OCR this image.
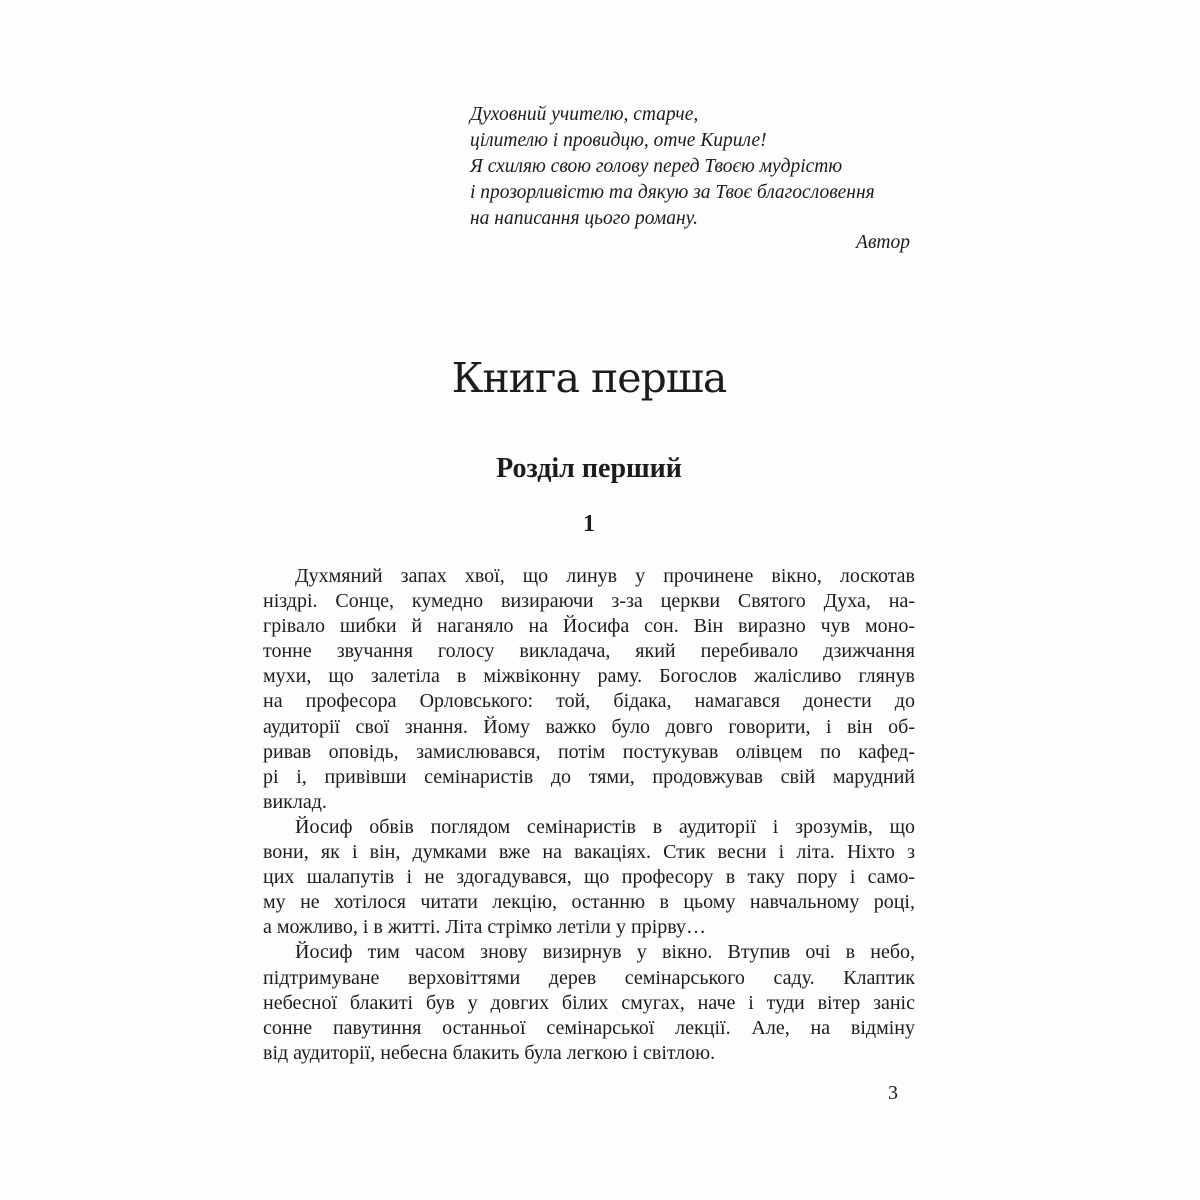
Духовний учителю, старче,
цілителю і провидцю, отче Кириле!
Я схиляю свою голову перед Твоєю мудрістю
і прозорливістю та дякую за Твоє благословення
на написання цього роману.
Автор
Книга перша
Розділ перший
1
Духмяний запах хвої, що линув у прочинене вікно, лоскотав
ніздрі. Сонце, кумедно визираючи з-за церкви Святого Духа, на-
грівало шибки й наганяло на Йосифа сон. Він виразно чув моно-
тонне звучання голосу викладача, який перебивало дзижчання
мухи, що залетіла в міжвіконну раму. Богослов жалісливо глянув
на професора Орловського: той, бідака, намагався донести до
аудиторії свої знання. Йому важко було довго говорити, і він об-
ривав оповідь, замислювався, потім постукував олівцем по кафед-
рі і, привівши семінаристів до тями, продовжував свій марудний
виклад.
Йосиф обвів поглядом семінаристів в аудиторії і зрозумів, що
вони, як і він, думками вже на вакаціях. Стик весни і літа. Ніхто з
цих шалапутів і не здогадувався, що професору в таку пору і само-
му не хотілося читати лекцію, останню в цьому навчальному році,
а можливо, і в житті. Літа стрімко летіли у прірву…
Йосиф тим часом знову визирнув у вікно. Втупив очі в небо,
підтримуване верховіттями дерев семінарського саду. Клаптик
небесної блакиті був у довгих білих смугах, наче і туди вітер заніс
сонне павутиння останньої семінарської лекції. Але, на відміну
від аудиторії, небесна блакить була легкою і світлою.
3
